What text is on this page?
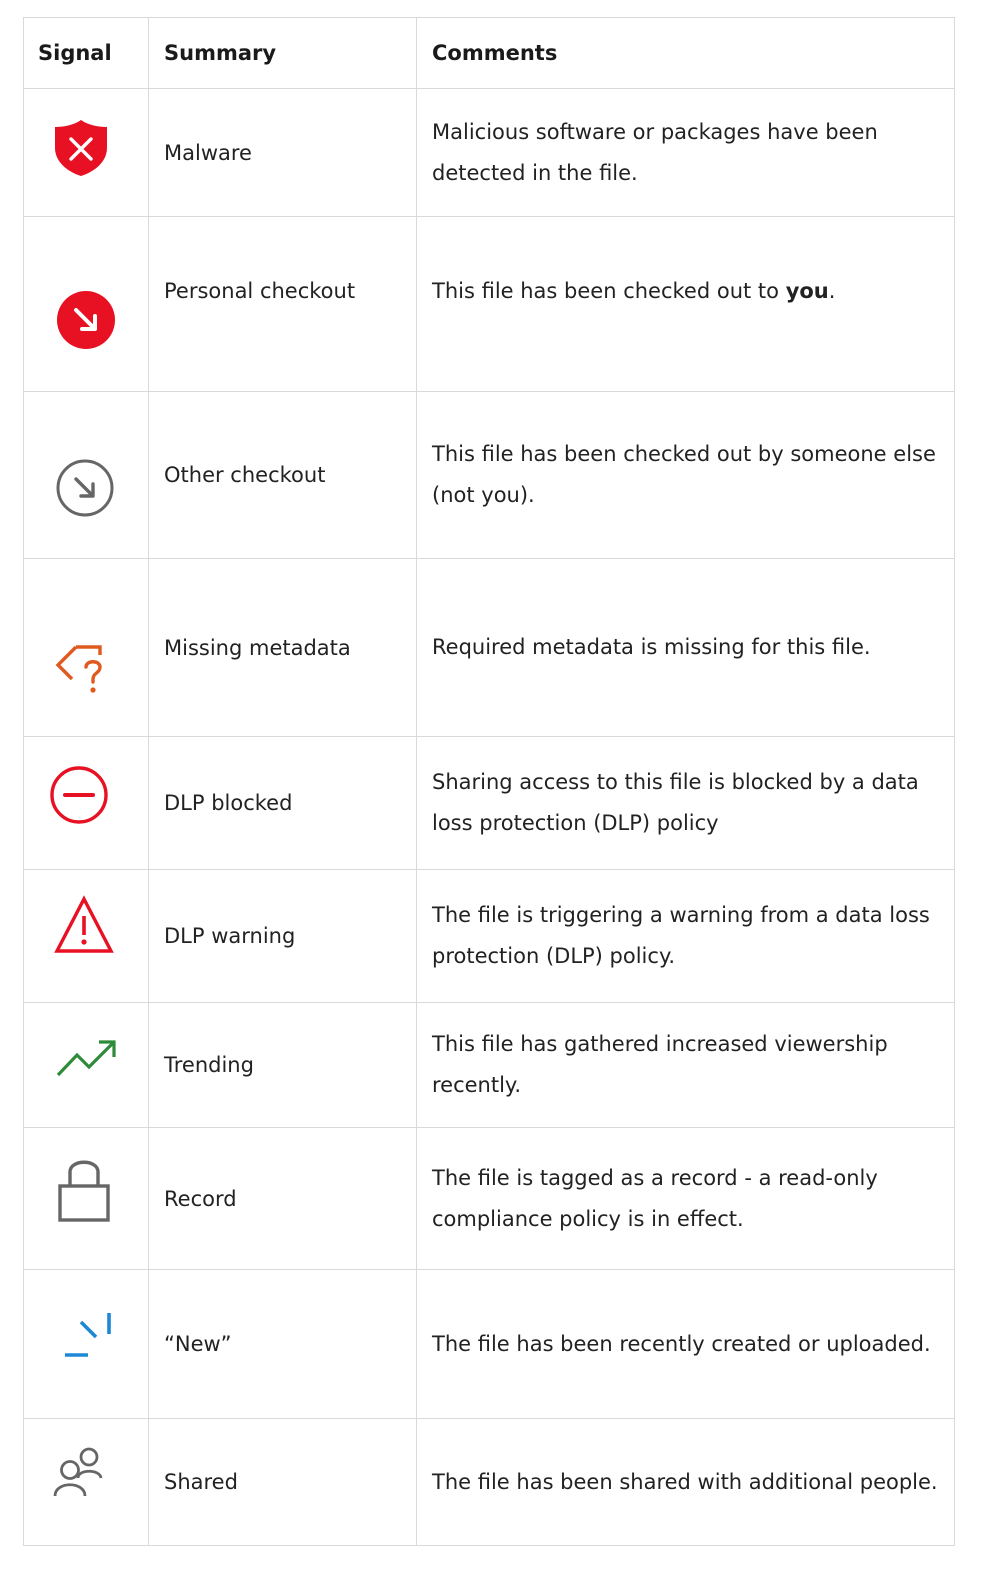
Signal	Summary	Comments

Malware	Malicious software or packages have been detected in the file.

Personal checkout	This file has been checked out to you.

Other checkout	This file has been checked out by someone else (not you).

Missing metadata	Required metadata is missing for this file.

DLP blocked	Sharing access to this file is blocked by a data loss protection (DLP) policy

DLP warning	The file is triggering a warning from a data loss protection (DLP) policy.

Trending	This file has gathered increased viewership recently.

Record	The file is tagged as a record - a read-only compliance policy is in effect.

“New”	The file has been recently created or uploaded.

Shared	The file has been shared with additional people.
